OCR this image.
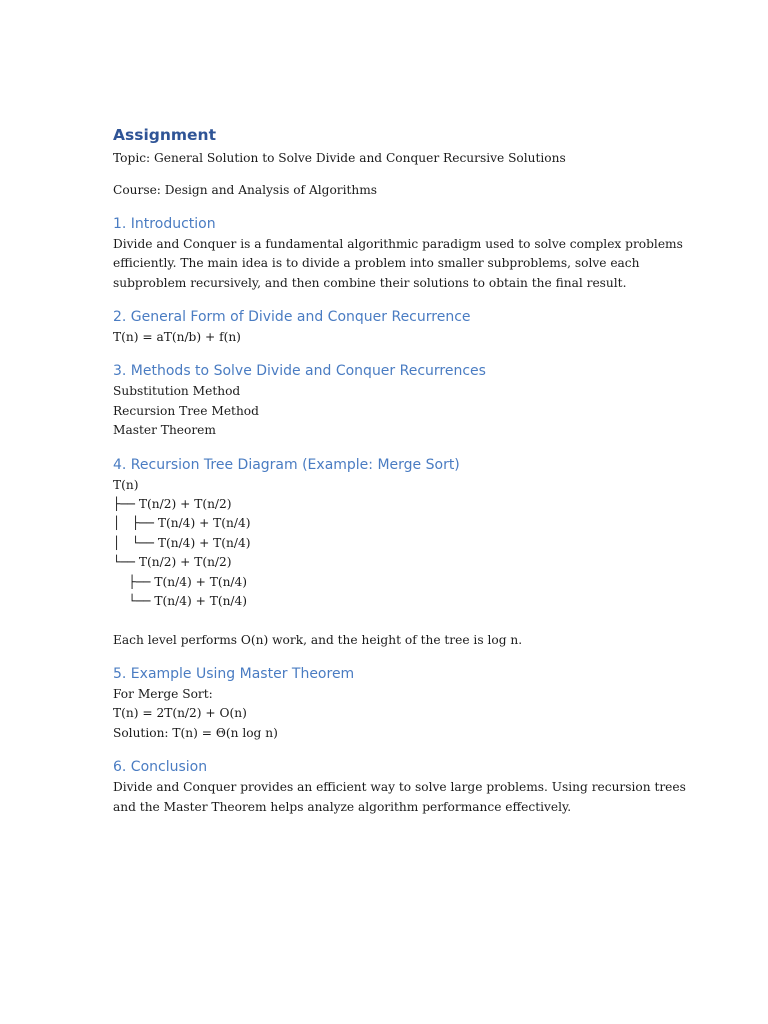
Assignment
Topic: General Solution to Solve Divide and Conquer Recursive Solutions
Course: Design and Analysis of Algorithms
1. Introduction
Divide and Conquer is a fundamental algorithmic paradigm used to solve complex problems
efficiently. The main idea is to divide a problem into smaller subproblems, solve each
subproblem recursively, and then combine their solutions to obtain the final result.
2. General Form of Divide and Conquer Recurrence
T(n) = aT(n/b) + f(n)
3. Methods to Solve Divide and Conquer Recurrences
Substitution Method
Recursion Tree Method
Master Theorem
4. Recursion Tree Diagram (Example: Merge Sort)
T(n)
├── T(n/2) + T(n/2)
│   ├── T(n/4) + T(n/4)
│   └── T(n/4) + T(n/4)
└── T(n/2) + T(n/2)
├── T(n/4) + T(n/4)
└── T(n/4) + T(n/4)
Each level performs O(n) work, and the height of the tree is log n.
5. Example Using Master Theorem
For Merge Sort:
T(n) = 2T(n/2) + O(n)
Solution: T(n) = Θ(n log n)
6. Conclusion
Divide and Conquer provides an efficient way to solve large problems. Using recursion trees
and the Master Theorem helps analyze algorithm performance effectively.
